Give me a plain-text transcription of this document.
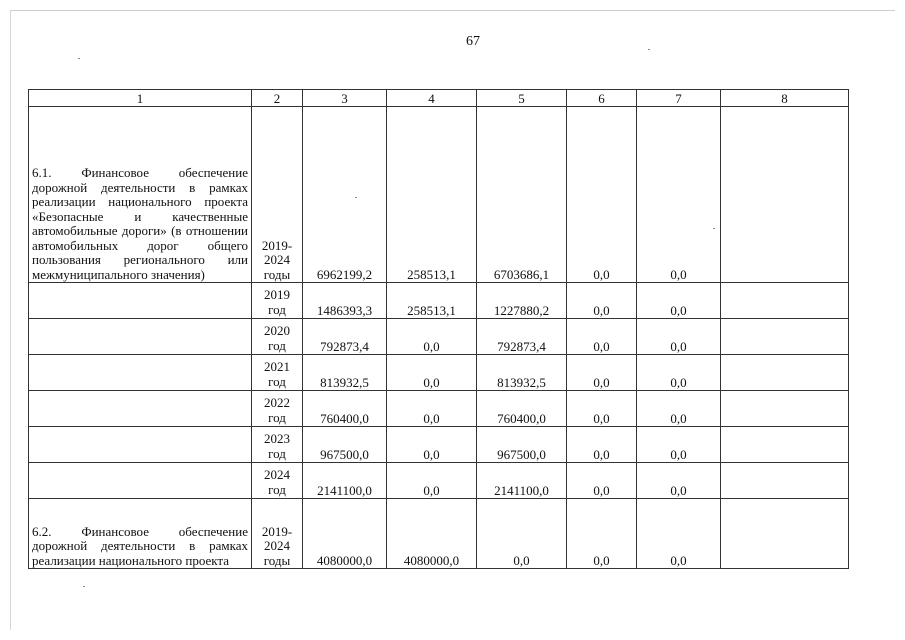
67
1	2	3	4	5	6	7	8

6.1. Финансовое обеспечение дорожной деятельности в рамках реализации национального проекта «Безопасные и качественные автомобильные дороги» (в отношении автомобильных дорог общего пользования регионального или межмуниципального значения)	2019-2024 годы	6962199,2	258513,1	6703686,1	0,0	0,0	
	2019 год	1486393,3	258513,1	1227880,2	0,0	0,0	
	2020 год	792873,4	0,0	792873,4	0,0	0,0	
	2021 год	813932,5	0,0	813932,5	0,0	0,0	
	2022 год	760400,0	0,0	760400,0	0,0	0,0	
	2023 год	967500,0	0,0	967500,0	0,0	0,0	
	2024 год	2141100,0	0,0	2141100,0	0,0	0,0	

6.2. Финансовое обеспечение дорожной деятельности в рамках реализации национального проекта	2019-2024 годы	4080000,0	4080000,0	0,0	0,0	0,0	
